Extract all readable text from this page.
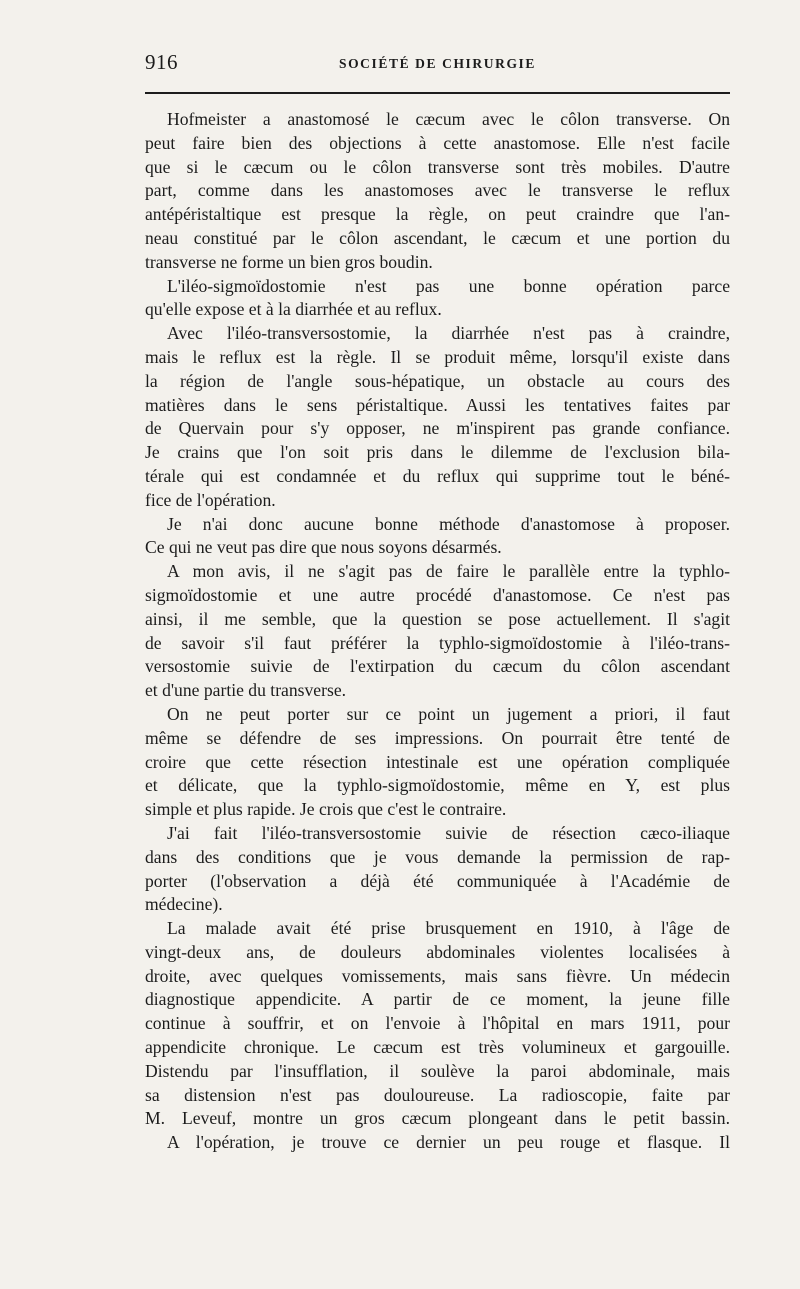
916	SOCIÉTÉ DE CHIRURGIE
Hofmeister a anastomosé le cæcum avec le côlon transverse. On
peut faire bien des objections à cette anastomose. Elle n'est facile
que si le cæcum ou le côlon transverse sont très mobiles. D'autre
part, comme dans les anastomoses avec le transverse le reflux
antépéristaltique est presque la règle, on peut craindre que l'an-
neau constitué par le côlon ascendant, le cæcum et une portion du
transverse ne forme un bien gros boudin.
L'iléo-sigmoïdostomie n'est pas une bonne opération parce
qu'elle expose et à la diarrhée et au reflux.
Avec l'iléo-transversostomie, la diarrhée n'est pas à craindre,
mais le reflux est la règle. Il se produit même, lorsqu'il existe dans
la région de l'angle sous-hépatique, un obstacle au cours des
matières dans le sens péristaltique. Aussi les tentatives faites par
de Quervain pour s'y opposer, ne m'inspirent pas grande confiance.
Je crains que l'on soit pris dans le dilemme de l'exclusion bila-
térale qui est condamnée et du reflux qui supprime tout le béné-
fice de l'opération.
Je n'ai donc aucune bonne méthode d'anastomose à proposer.
Ce qui ne veut pas dire que nous soyons désarmés.
A mon avis, il ne s'agit pas de faire le parallèle entre la typhlo-
sigmoïdostomie et une autre procédé d'anastomose. Ce n'est pas
ainsi, il me semble, que la question se pose actuellement. Il s'agit
de savoir s'il faut préférer la typhlo-sigmoïdostomie à l'iléo-trans-
versostomie suivie de l'extirpation du cæcum du côlon ascendant
et d'une partie du transverse.
On ne peut porter sur ce point un jugement a priori, il faut
même se défendre de ses impressions. On pourrait être tenté de
croire que cette résection intestinale est une opération compliquée
et délicate, que la typhlo-sigmoïdostomie, même en Y, est plus
simple et plus rapide. Je crois que c'est le contraire.
J'ai fait l'iléo-transversostomie suivie de résection cæco-iliaque
dans des conditions que je vous demande la permission de rap-
porter (l'observation a déjà été communiquée à l'Académie de
médecine).
La malade avait été prise brusquement en 1910, à l'âge de
vingt-deux ans, de douleurs abdominales violentes localisées à
droite, avec quelques vomissements, mais sans fièvre. Un médecin
diagnostique appendicite. A partir de ce moment, la jeune fille
continue à souffrir, et on l'envoie à l'hôpital en mars 1911, pour
appendicite chronique. Le cæcum est très volumineux et gargouille.
Distendu par l'insufflation, il soulève la paroi abdominale, mais
sa distension n'est pas douloureuse. La radioscopie, faite par
M. Leveuf, montre un gros cæcum plongeant dans le petit bassin.
A l'opération, je trouve ce dernier un peu rouge et flasque. Il
